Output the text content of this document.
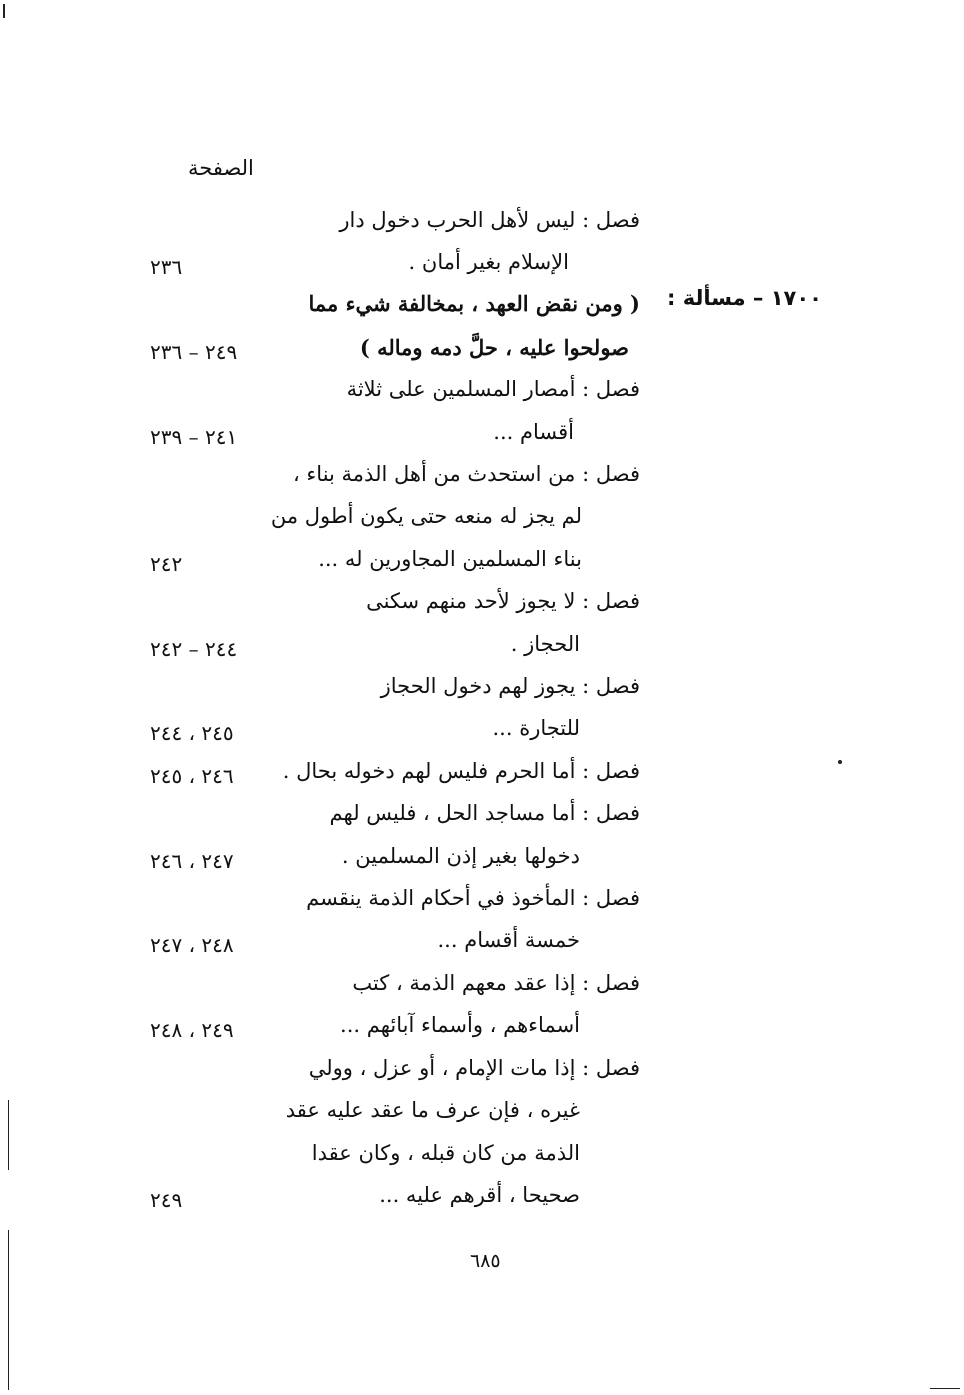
الصفحة
١٧٠٠ – مسألة :
فصل : ليس لأهل الحرب دخول دار
الإسلام بغير أمان .
( ومن نقض العهد ، بمخالفة شيء مما
صولحوا عليه ، حلَّ دمه وماله )
فصل : أمصار المسلمين على ثلاثة
أقسام ...
فصل : من استحدث من أهل الذمة بناء ،
لم يجز له منعه حتى يكون أطول من
بناء المسلمين المجاورين له ...
فصل : لا يجوز لأحد منهم سكنى
الحجاز .
فصل : يجوز لهم دخول الحجاز
للتجارة ...
فصل : أما الحرم فليس لهم دخوله بحال .
فصل : أما مساجد الحل ، فليس لهم
دخولها بغير إذن المسلمين .
فصل : المأخوذ في أحكام الذمة ينقسم
خمسة أقسام ...
فصل : إذا عقد معهم الذمة ، كتب
أسماءهم ، وأسماء آبائهم ...
فصل : إذا مات الإمام ، أو عزل ، وولي
غيره ، فإن عرف ما عقد عليه عقد
الذمة من كان قبله ، وكان عقدا
صحيحا ، أقرهم عليه ...
٢٣٦
٢٤٩ – ٢٣٦
٢٤١ – ٢٣٩
٢٤٢
٢٤٤ – ٢٤٢
٢٤٥ ، ٢٤٤
٢٤٦ ، ٢٤٥
٢٤٧ ، ٢٤٦
٢٤٨ ، ٢٤٧
٢٤٩ ، ٢٤٨
٢٤٩
٦٨٥
